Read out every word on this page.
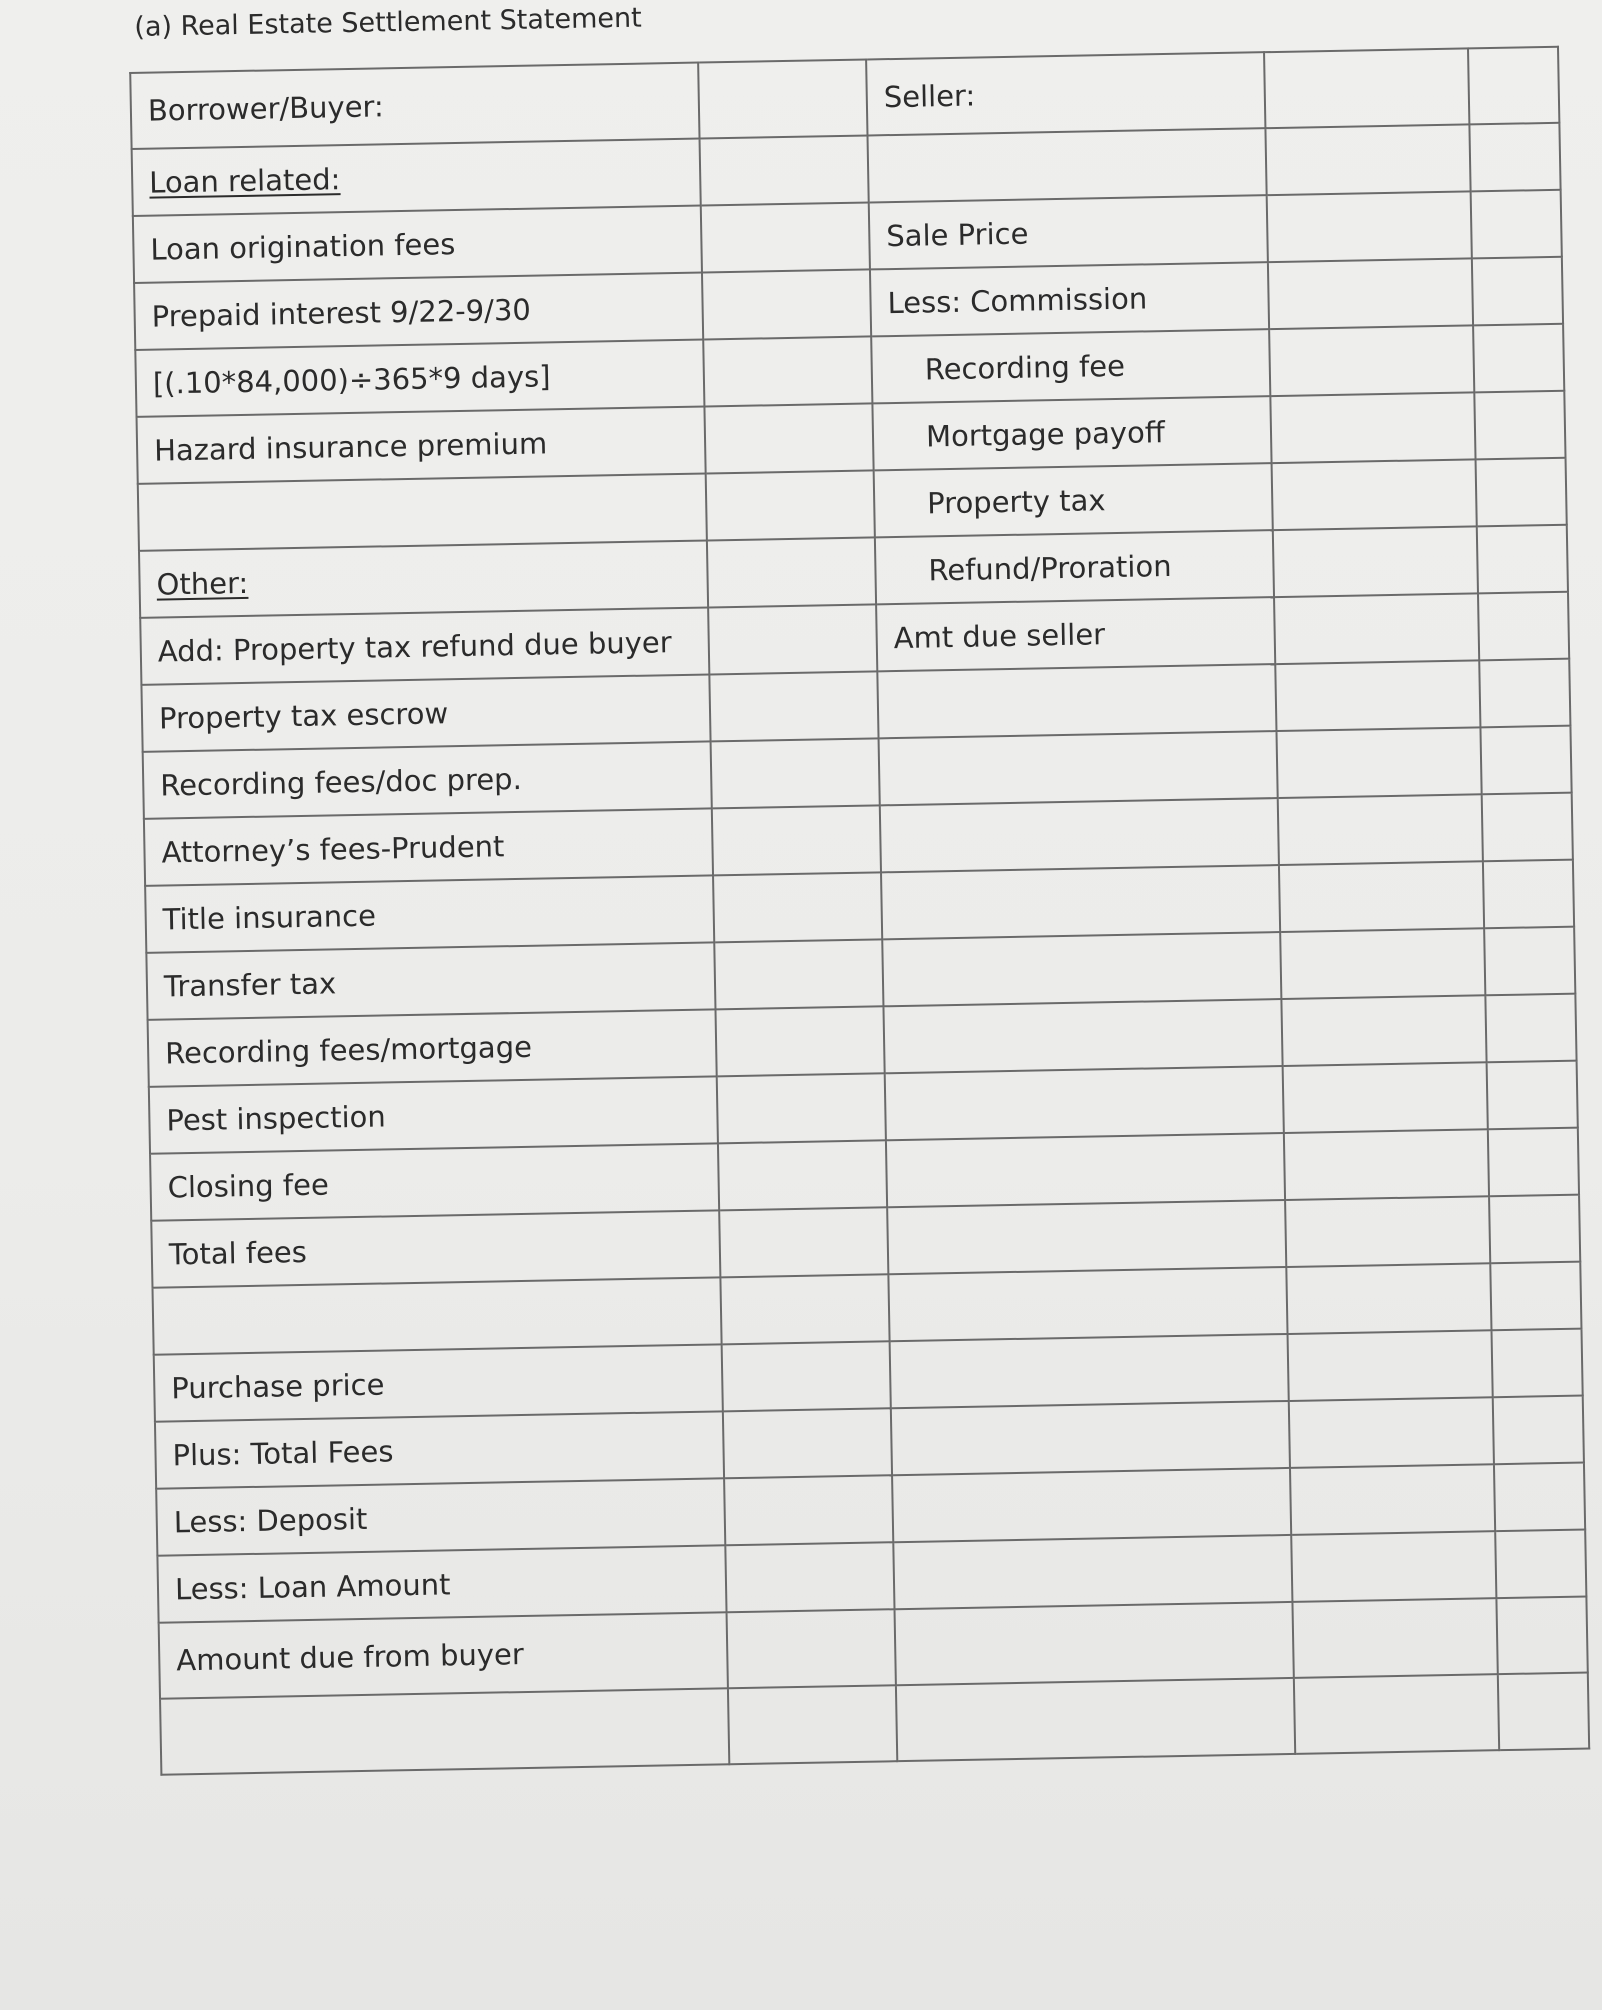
(a) Real Estate Settlement Statement
Borrower/Buyer:		Seller:		
Loan related:				
Loan origination fees		Sale Price		
Prepaid interest 9/22-9/30		Less: Commission		
[(.10*84,000)÷365*9 days]		Recording fee		
Hazard insurance premium		Mortgage payoff		
		Property tax		
Other:		Refund/Proration		
Add: Property tax refund due buyer		Amt due seller		
Property tax escrow				
Recording fees/doc prep.				
Attorney’s fees-Prudent				
Title insurance				
Transfer tax				
Recording fees/mortgage				
Pest inspection				
Closing fee				
Total fees				

Purchase price				
Plus: Total Fees				
Less: Deposit				
Less: Loan Amount				
Amount due from buyer				
